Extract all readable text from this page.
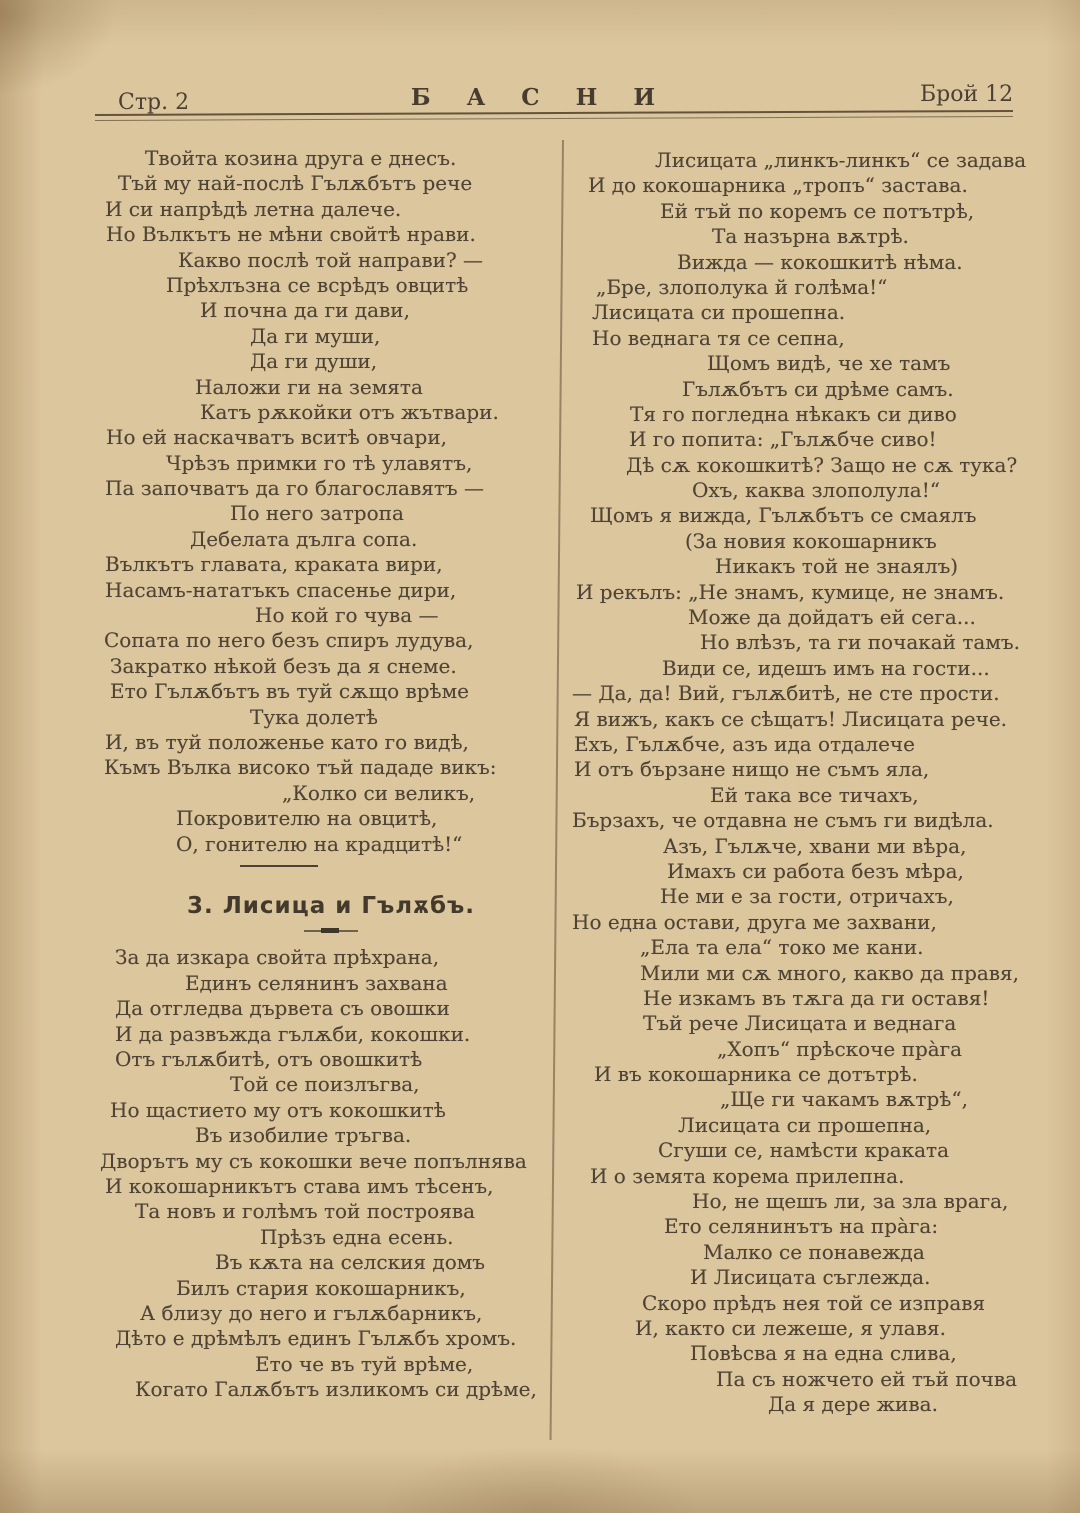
Стр. 2	Б А С Н И	Брой 12
Твойта козина друга е днесъ.
Тъй му най-послѣ Гълѫбътъ рече
И си напрѣдѣ летна далече.
Но Вълкътъ не мѣни свойтѣ нрави.
Какво послѣ той направи? —
Прѣхлъзна се всрѣдъ овцитѣ
И почна да ги дави,
Да ги муши,
Да ги души,
Наложи ги на земята
Катъ рѫкойки отъ жътвари.
Но ей наскачватъ вситѣ овчари,
Чрѣзъ примки го тѣ улавятъ,
Па започватъ да го благославятъ —
По него затропа
Дебелата дълга сопа.
Вълкътъ главата, краката вири,
Насамъ-нататъкъ спасенье дири,
Но кой го чува —
Сопата по него безъ спиръ лудува,
Закратко нѣкой безъ да я снеме.
Ето Гълѫбътъ въ туй сѫщо врѣме
Тука долетѣ
И, въ туй положенье като го видѣ,
Къмъ Вълка високо тъй пададе викъ:
„Колко си великъ,
Покровителю на овцитѣ,
О, гонителю на крадцитѣ!“
3. Лисица и Гълѫбъ.
За да изкара свойта прѣхрана,
Единъ селянинъ захвана
Да отгледва дървета съ овошки
И да развъжда гълѫби, кокошки.
Отъ гълѫбитѣ, отъ овошкитѣ
Той се поизлъгва,
Но щастието му отъ кокошкитѣ
Въ изобилие тръгва.
Дворътъ му съ кокошки вече попълнява
И кокошарникътъ става имъ тѣсенъ,
Та новъ и голѣмъ той построява
Прѣзъ една есень.
Въ кѫта на селския домъ
Билъ стария кокошарникъ,
А близу до него и гълѫбарникъ,
Дѣто е дрѣмѣлъ единъ Гълѫбъ хромъ.
Ето че въ туй врѣме,
Когато Галѫбътъ изликомъ си дрѣме,
Лисицата „линкъ-линкъ“ се задава
И до кокошарника „тропъ“ застава.
Ей тъй по коремъ се потътрѣ,
Та назърна вѫтрѣ.
Вижда — кокошкитѣ нѣма.
„Бре, злополука й голѣма!“
Лисицата си прошепна.
Но веднага тя се сепна,
Щомъ видѣ, че хе тамъ
Гълѫбътъ си дрѣме самъ.
Тя го погледна нѣкакъ си диво
И го попита: „Гълѫбче сиво!
Дѣ сѫ кокошкитѣ? Защо не сѫ тука?
Охъ, каква злополула!“
Щомъ я вижда, Гълѫбътъ се смаялъ
(За новия кокошарникъ
Никакъ той не знаялъ)
И рекълъ: „Не знамъ, кумице, не знамъ.
Може да дойдатъ ей сега...
Но влѣзъ, та ги почакай тамъ.
Види се, идешъ имъ на гости...
— Да, да! Вий, гълѫбитѣ, не сте прости.
Я вижъ, какъ се сѣщатъ! Лисицата рече.
Ехъ, Гълѫбче, азъ ида отдалече
И отъ бързане нищо не съмъ яла,
Ей така все тичахъ,
Бързахъ, че отдавна не съмъ ги видѣла.
Азъ, Гълѫче, хвани ми вѣра,
Имахъ си работа безъ мѣра,
Не ми е за гости, отричахъ,
Но една остави, друга ме захвани,
„Ела та ела“ токо ме кани.
Мили ми сѫ много, какво да правя,
Не изкамъ въ тѫга да ги оставя!
Тъй рече Лисицата и веднага
„Хопъ“ прѣскоче пра̀га
И въ кокошарника се дотътрѣ.
„Ще ги чакамъ вѫтрѣ“,
Лисицата си прошепна,
Сгуши се, намѣсти краката
И о земята корема прилепна.
Но, не щешъ ли, за зла врага,
Ето селянинътъ на пра̀га:
Малко се понавежда
И Лисицата съглежда.
Скоро прѣдъ нея той се изправя
И, както си лежеше, я улавя.
Повѣсва я на една слива,
Па съ ножчето ей тъй почва
Да я дере жива.
